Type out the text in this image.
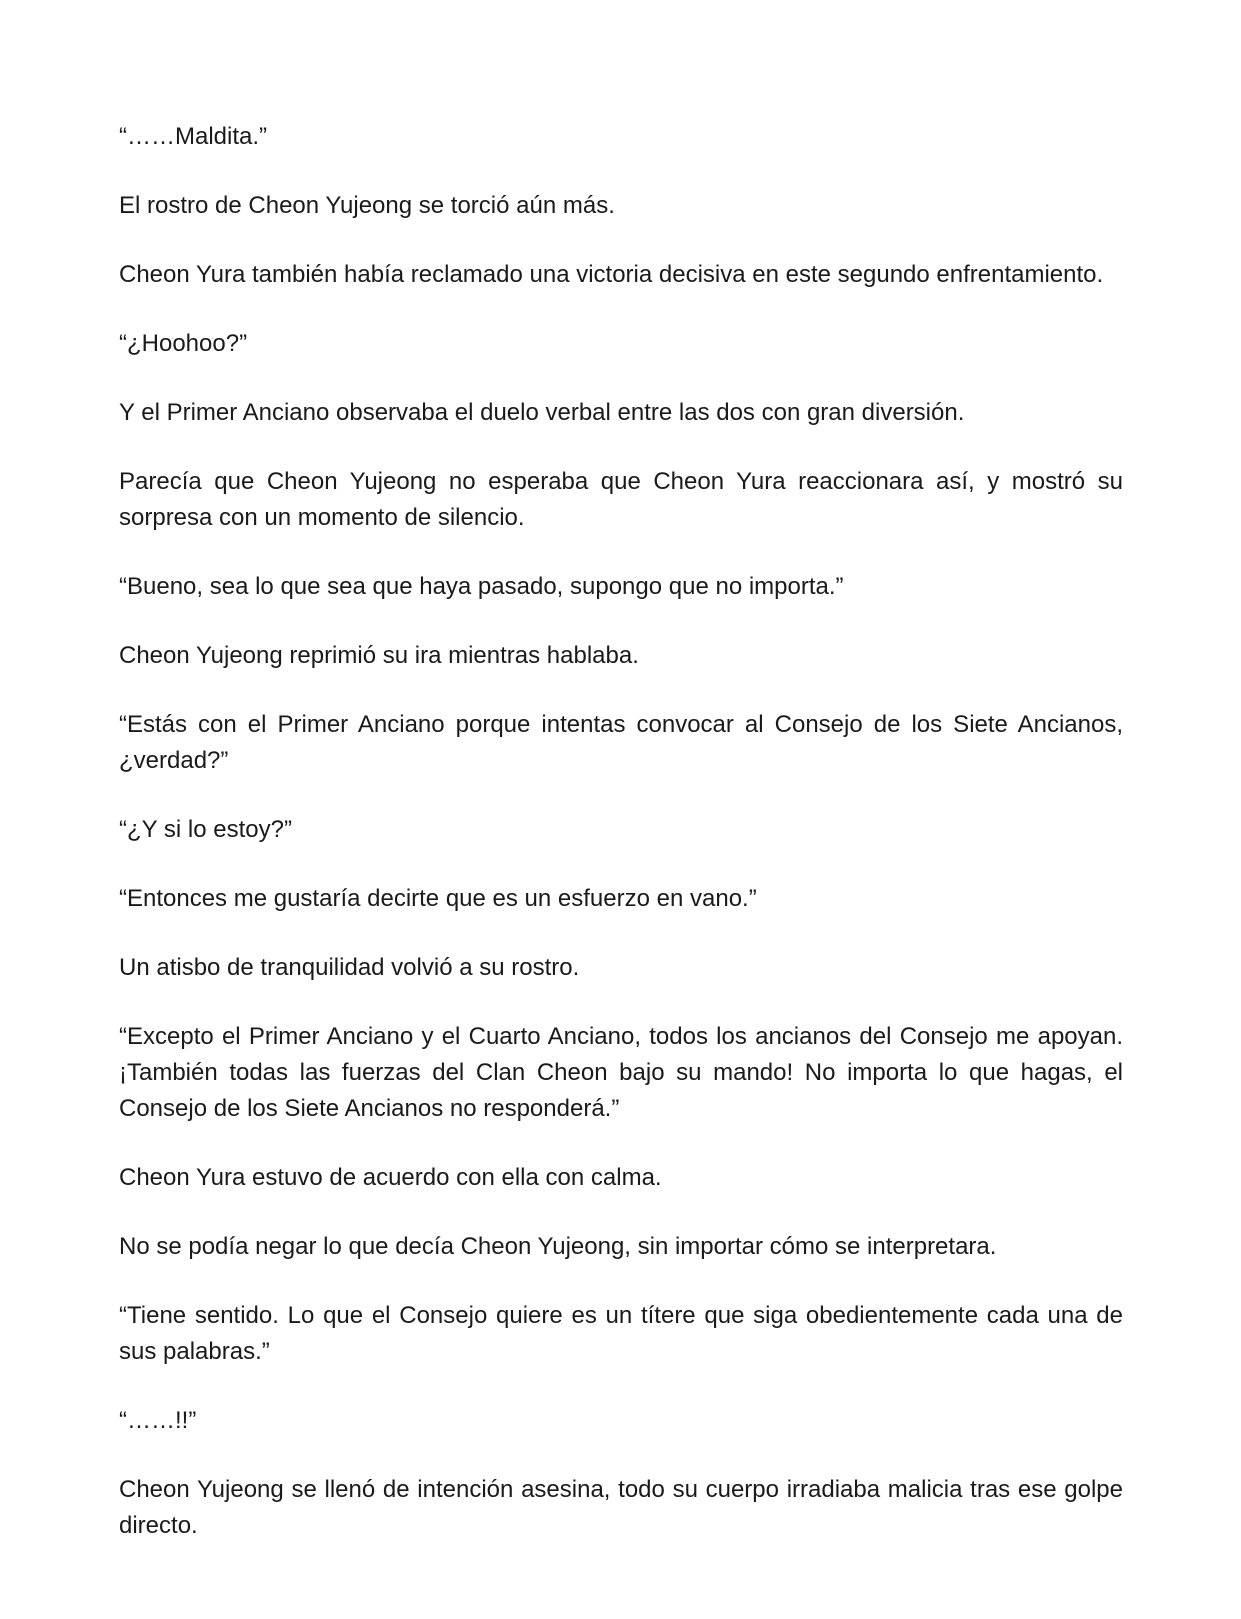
“……Maldita.”

El rostro de Cheon Yujeong se torció aún más.

Cheon Yura también había reclamado una victoria decisiva en este segundo enfrentamiento.

“¿Hoohoo?”

Y el Primer Anciano observaba el duelo verbal entre las dos con gran diversión.

Parecía que Cheon Yujeong no esperaba que Cheon Yura reaccionara así, y mostró su sorpresa con un momento de silencio.

“Bueno, sea lo que sea que haya pasado, supongo que no importa.”

Cheon Yujeong reprimió su ira mientras hablaba.

“Estás con el Primer Anciano porque intentas convocar al Consejo de los Siete Ancianos, ¿verdad?”

“¿Y si lo estoy?”

“Entonces me gustaría decirte que es un esfuerzo en vano.”

Un atisbo de tranquilidad volvió a su rostro.

“Excepto el Primer Anciano y el Cuarto Anciano, todos los ancianos del Consejo me apoyan. ¡También todas las fuerzas del Clan Cheon bajo su mando! No importa lo que hagas, el Consejo de los Siete Ancianos no responderá.”

Cheon Yura estuvo de acuerdo con ella con calma.

No se podía negar lo que decía Cheon Yujeong, sin importar cómo se interpretara.

“Tiene sentido. Lo que el Consejo quiere es un títere que siga obedientemente cada una de sus palabras.”

“……!!”

Cheon Yujeong se llenó de intención asesina, todo su cuerpo irradiaba malicia tras ese golpe directo.
